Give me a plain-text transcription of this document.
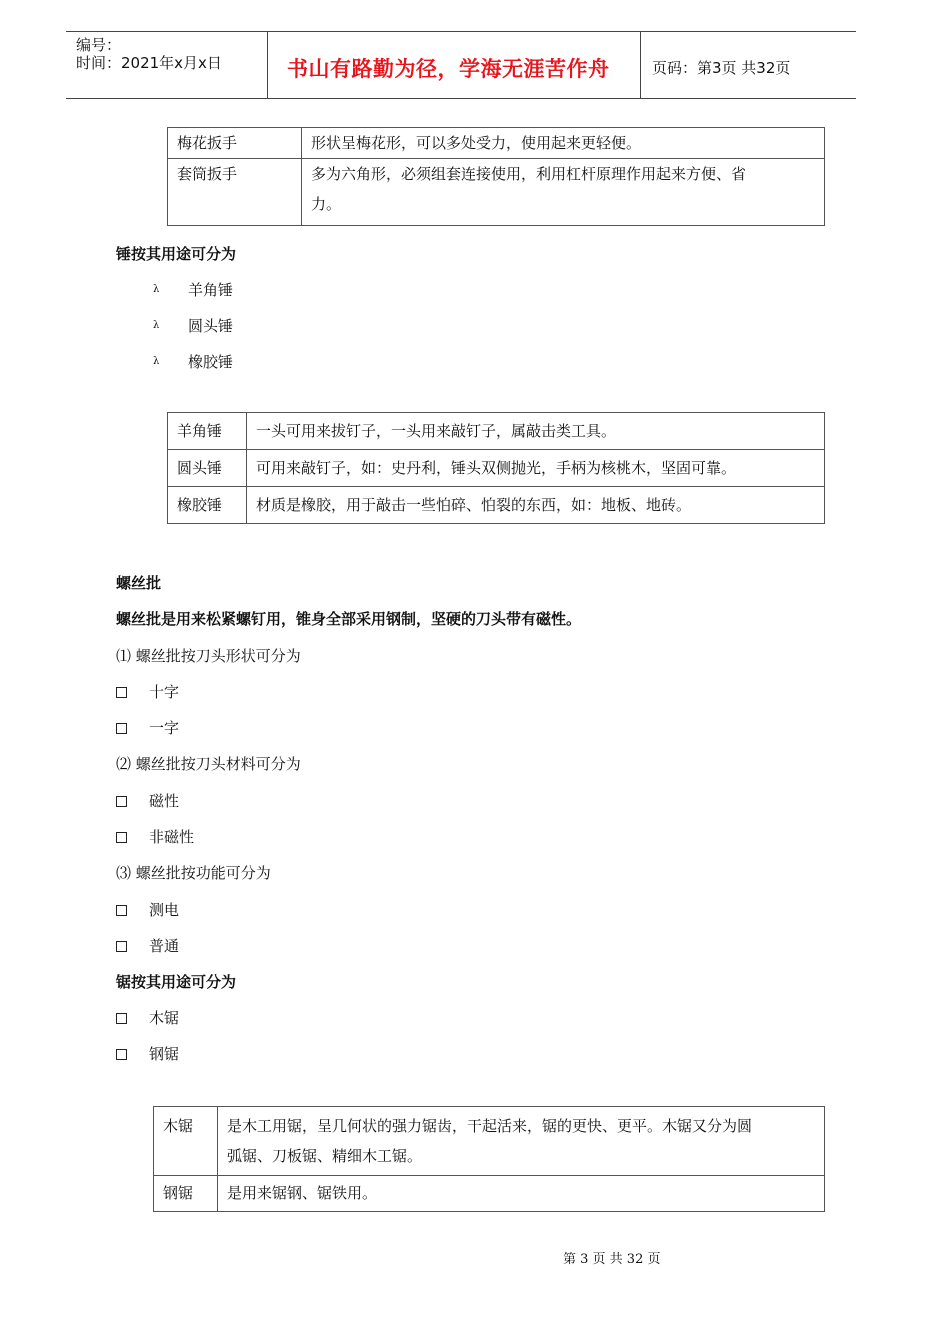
编号：
时间：2021年x月x日	书山有路勤为径，学海无涯苦作舟	页码：第3页 共32页
梅花扳手	形状呈梅花形，可以多处受力，使用起来更轻便。
套筒扳手	多为六角形，必须组套连接使用，利用杠杆原理作用起来方便、省
力。
锤按其用途可分为
λ 羊角锤
λ 圆头锤
λ 橡胶锤
羊角锤	一头可用来拔钉子，一头用来敲钉子，属敲击类工具。
圆头锤	可用来敲钉子，如：史丹利，锤头双侧抛光，手柄为核桃木，坚固可靠。
橡胶锤	材质是橡胶，用于敲击一些怕碎、怕裂的东西，如：地板、地砖。
螺丝批
螺丝批是用来松紧螺钉用，锥身全部采用钢制，坚硬的刀头带有磁性。
⑴ 螺丝批按刀头形状可分为
十字
一字
⑵ 螺丝批按刀头材料可分为
磁性
非磁性
⑶ 螺丝批按功能可分为
测电
普通
锯按其用途可分为
木锯
钢锯
木锯	是木工用锯，呈几何状的强力锯齿，干起活来，锯的更快、更平。木锯又分为圆
弧锯、刀板锯、精细木工锯。

钢锯	是用来锯钢、锯铁用。
第 3 页 共 32 页
